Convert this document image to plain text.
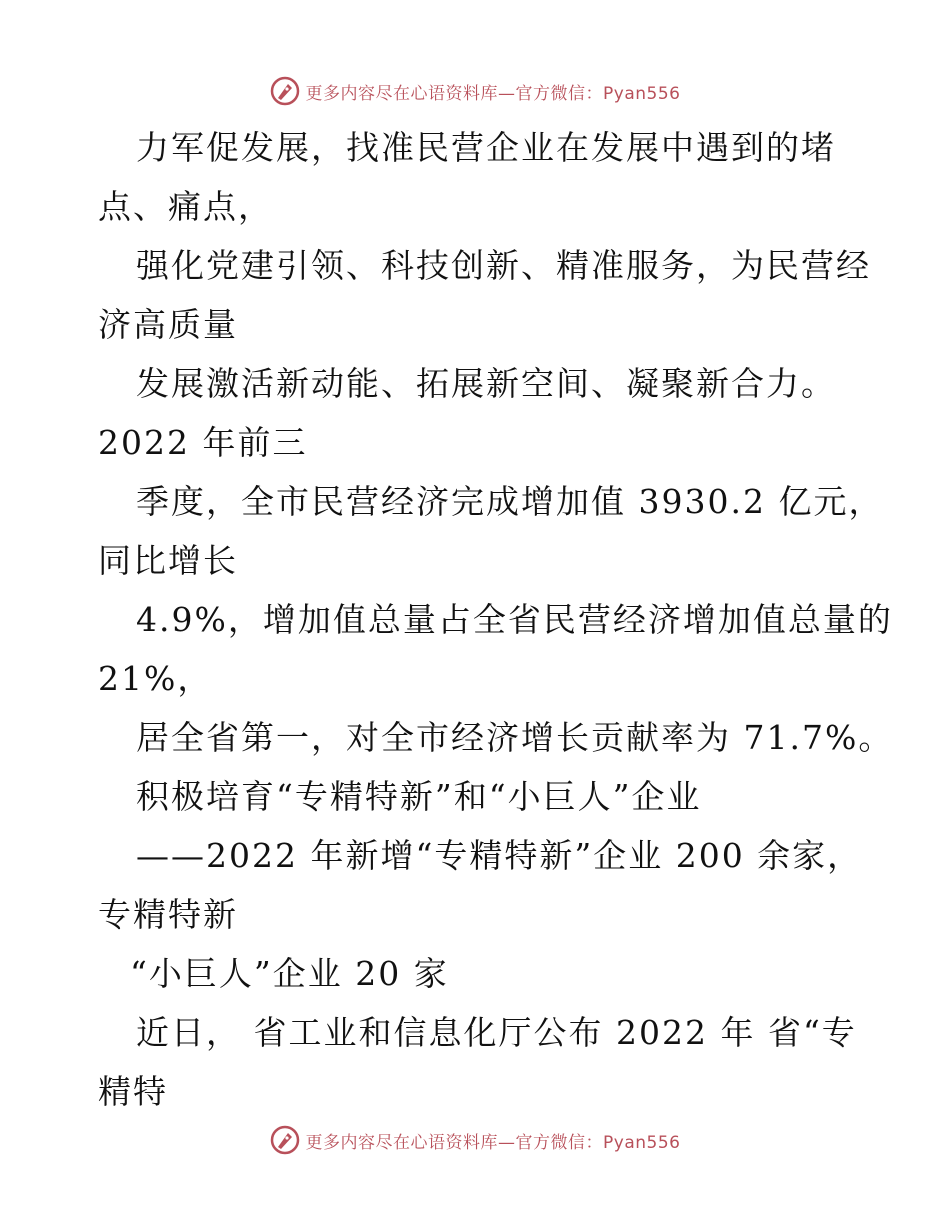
更多内容尽在心语资料库—官方微信：Pyan556
力军促发展，找准民营企业在发展中遇到的堵
点、痛点，
强化党建引领、科技创新、精准服务，为民营经
济高质量
发展激活新动能、拓展新空间、凝聚新合力。
2022 年前三
季度，全市民营经济完成增加值 3930.2 亿元，
同比增长
4.9%，增加值总量占全省民营经济增加值总量的
21%，
居全省第一，对全市经济增长贡献率为 71.7%。
积极培育“专精特新”和“小巨人”企业
——2022 年新增“专精特新”企业 200 余家，
专精特新
“小巨人”企业 20 家
近日， 省工业和信息化厅公布 2022 年 省“专
精特
更多内容尽在心语资料库—官方微信：Pyan556
